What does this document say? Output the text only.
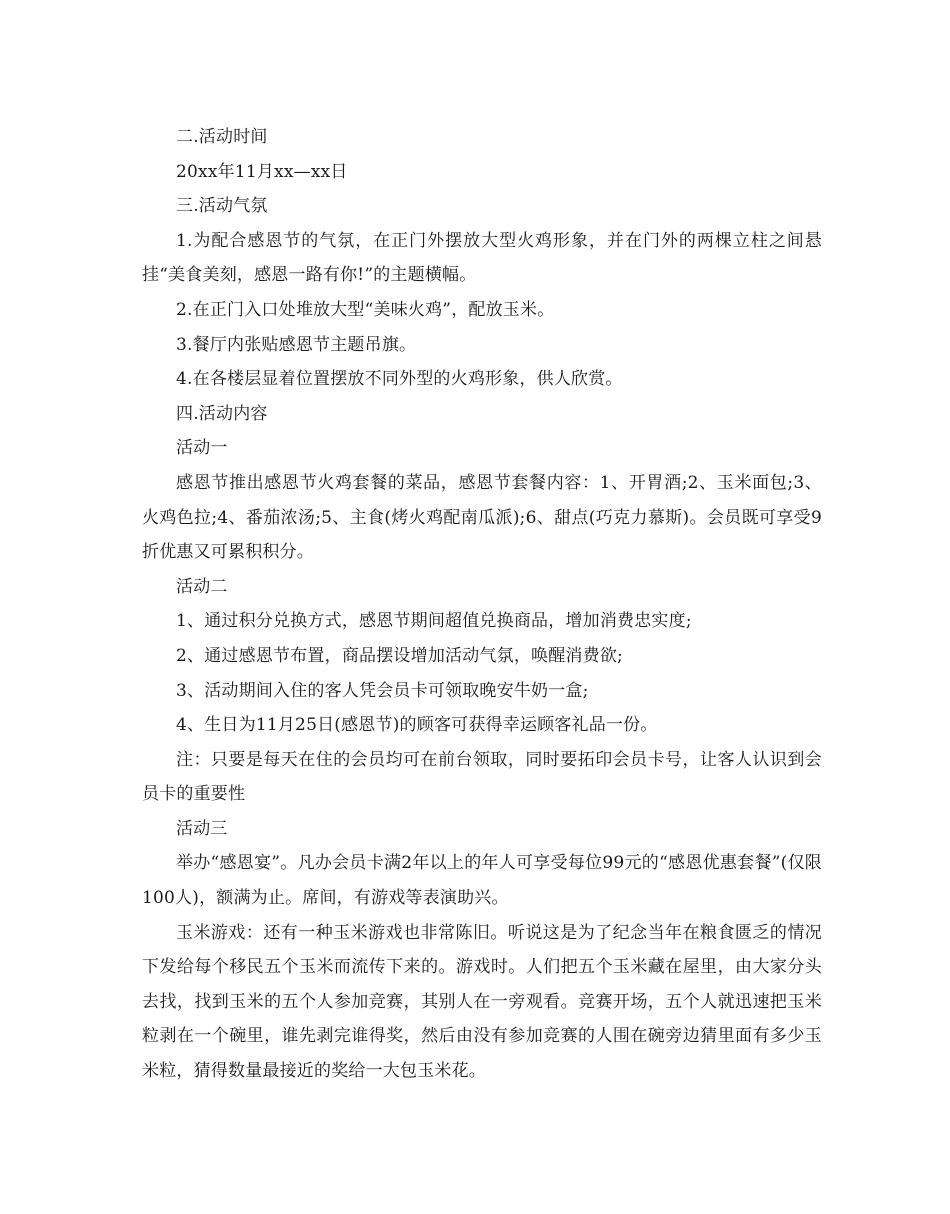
二.活动时间

20xx年11月xx—xx日

三.活动气氛

1.为配合感恩节的气氛，在正门外摆放大型火鸡形象，并在门外的两棵立柱之间悬挂“美食美刻，感恩一路有你!”的主题横幅。

2.在正门入口处堆放大型“美味火鸡”，配放玉米。

3.餐厅内张贴感恩节主题吊旗。

4.在各楼层显着位置摆放不同外型的火鸡形象，供人欣赏。

四.活动内容

活动一

感恩节推出感恩节火鸡套餐的菜品，感恩节套餐内容：1、开胃酒;2、玉米面包;3、火鸡色拉;4、番茄浓汤;5、主食(烤火鸡配南瓜派);6、甜点(巧克力慕斯)。会员既可享受9折优惠又可累积积分。

活动二

1、通过积分兑换方式，感恩节期间超值兑换商品，增加消费忠实度;

2、通过感恩节布置，商品摆设增加活动气氛，唤醒消费欲;

3、活动期间入住的客人凭会员卡可领取晚安牛奶一盒;

4、生日为11月25日(感恩节)的顾客可获得幸运顾客礼品一份。

注：只要是每天在住的会员均可在前台领取，同时要拓印会员卡号，让客人认识到会员卡的重要性

活动三

举办“感恩宴”。凡办会员卡满2年以上的年人可享受每位99元的“感恩优惠套餐”(仅限100人)，额满为止。席间，有游戏等表演助兴。

玉米游戏：还有一种玉米游戏也非常陈旧。听说这是为了纪念当年在粮食匮乏的情况下发给每个移民五个玉米而流传下来的。游戏时。人们把五个玉米藏在屋里，由大家分头去找，找到玉米的五个人参加竞赛，其别人在一旁观看。竞赛开场，五个人就迅速把玉米粒剥在一个碗里，谁先剥完谁得奖，然后由没有参加竞赛的人围在碗旁边猜里面有多少玉米粒，猜得数量最接近的奖给一大包玉米花。
